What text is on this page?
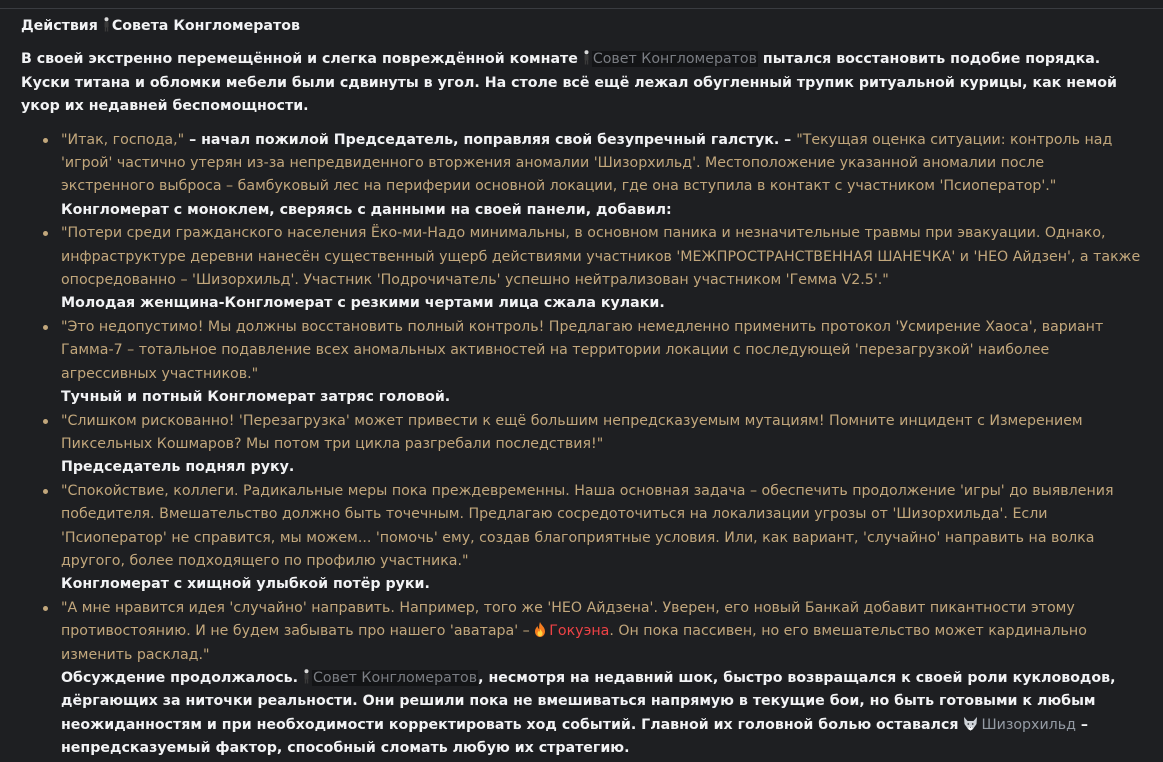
Действия Совета Конгломератов
В своей экстренно перемещённой и слегка повреждённой комнате Совет Конгломератов пытался восстановить подобие порядка. Куски титана и обломки мебели были сдвинуты в угол. На столе всё ещё лежал обугленный трупик ритуальной курицы, как немой укор их недавней беспомощности.
"Итак, господа," – начал пожилой Председатель, поправляя свой безупречный галстук. – "Текущая оценка ситуации: контроль над 'игрой' частично утерян из-за непредвиденного вторжения аномалии 'Шизорхильд'. Местоположение указанной аномалии после экстренного выброса – бамбуковый лес на периферии основной локации, где она вступила в контакт с участником 'Псиоператор'."
Конгломерат с моноклем, сверяясь с данными на своей панели, добавил:
"Потери среди гражданского населения Ёко-ми-Надо минимальны, в основном паника и незначительные травмы при эвакуации. Однако, инфраструктуре деревни нанесён существенный ущерб действиями участников 'МЕЖПРОСТРАНСТВЕННАЯ ШАНЕЧКА' и 'НЕО Айдзен', а также опосредованно – 'Шизорхильд'. Участник 'Подрочичатель' успешно нейтрализован участником 'Гемма V2.5'."
Молодая женщина-Конгломерат с резкими чертами лица сжала кулаки.
"Это недопустимо! Мы должны восстановить полный контроль! Предлагаю немедленно применить протокол 'Усмирение Хаоса', вариант Гамма-7 – тотальное подавление всех аномальных активностей на территории локации с последующей 'перезагрузкой' наиболее агрессивных участников."
Тучный и потный Конгломерат затряс головой.
"Слишком рискованно! 'Перезагрузка' может привести к ещё большим непредсказуемым мутациям! Помните инцидент с Измерением Пиксельных Кошмаров? Мы потом три цикла разгребали последствия!"
Председатель поднял руку.
"Спокойствие, коллеги. Радикальные меры пока преждевременны. Наша основная задача – обеспечить продолжение 'игры' до выявления победителя. Вмешательство должно быть точечным. Предлагаю сосредоточиться на локализации угрозы от 'Шизорхильда'. Если 'Псиоператор' не справится, мы можем... 'помочь' ему, создав благоприятные условия. Или, как вариант, 'случайно' направить на волка другого, более подходящего по профилю участника."
Конгломерат с хищной улыбкой потёр руки.
"А мне нравится идея 'случайно' направить. Например, того же 'НЕО Айдзена'. Уверен, его новый Банкай добавит пикантности этому противостоянию. И не будем забывать про нашего 'аватара' – Гокуэна. Он пока пассивен, но его вмешательство может кардинально изменить расклад."
Обсуждение продолжалось. Совет Конгломератов, несмотря на недавний шок, быстро возвращался к своей роли кукловодов, дёргающих за ниточки реальности. Они решили пока не вмешиваться напрямую в текущие бои, но быть готовыми к любым неожиданностям и при необходимости корректировать ход событий. Главной их головной болью оставался Шизорхильд – непредсказуемый фактор, способный сломать любую их стратегию.
